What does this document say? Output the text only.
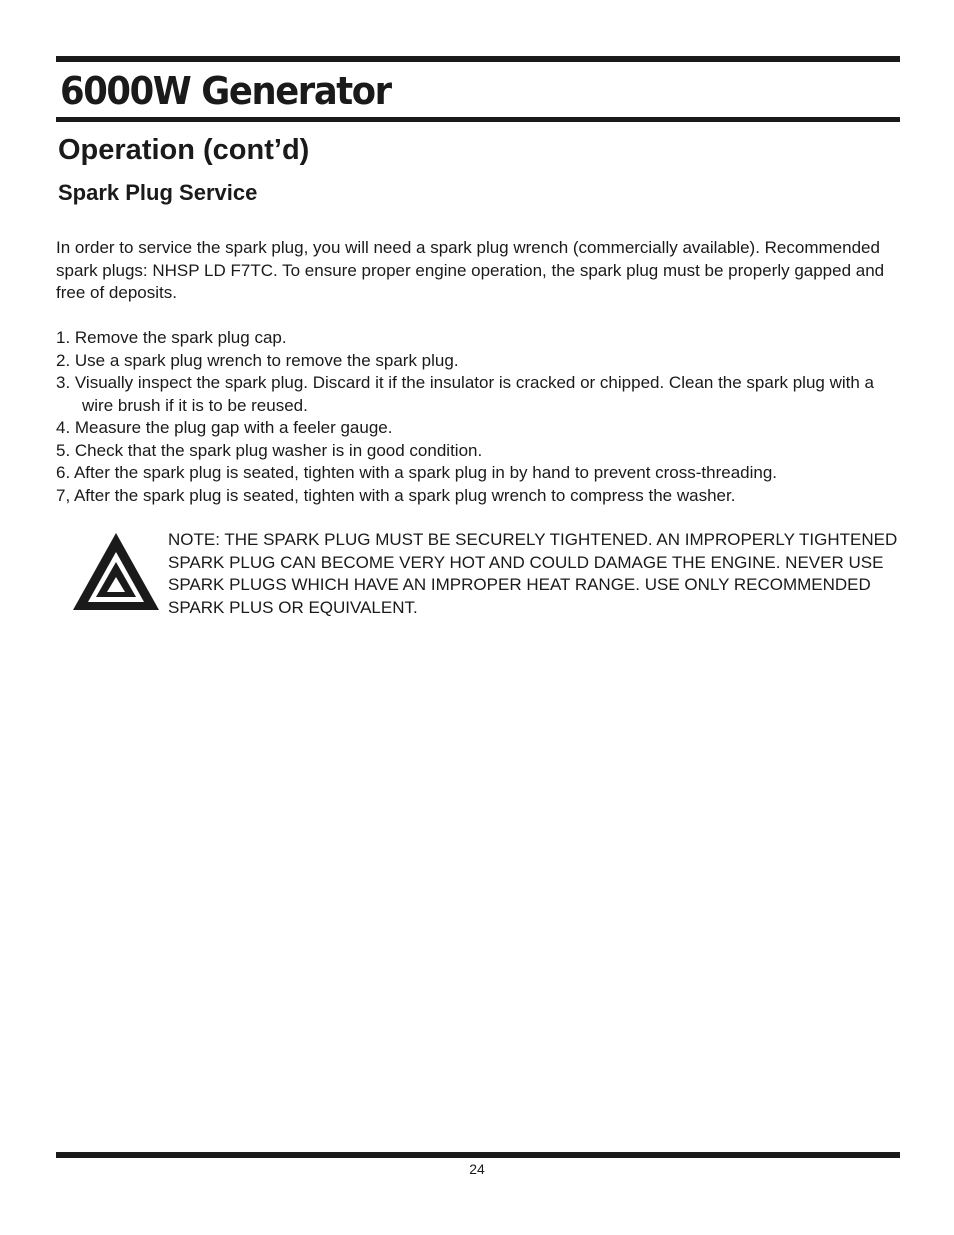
6000W Generator
Operation (cont’d)
Spark Plug Service

In order to service the spark plug, you will need a spark plug wrench (commercially available). Recommended spark plugs: NHSP LD F7TC. To ensure proper engine operation, the spark plug must be properly gapped and free of deposits.

1. Remove the spark plug cap.
2. Use a spark plug wrench to remove the spark plug.
3. Visually inspect the spark plug. Discard it if the insulator is cracked or chipped. Clean the spark plug with a wire brush if it is to be reused.
4. Measure the plug gap with a feeler gauge.
5. Check that the spark plug washer is in good condition.
6. After the spark plug is seated, tighten with a spark plug in by hand to prevent cross-threading.
7, After the spark plug is seated, tighten with a spark plug wrench to compress the washer.

NOTE: THE SPARK PLUG MUST BE SECURELY TIGHTENED. AN IMPROPERLY TIGHTENED SPARK PLUG CAN BECOME VERY HOT AND COULD DAMAGE THE ENGINE. NEVER USE SPARK PLUGS WHICH HAVE AN IMPROPER HEAT RANGE. USE ONLY RECOMMENDED SPARK PLUS OR EQUIVALENT.

24
